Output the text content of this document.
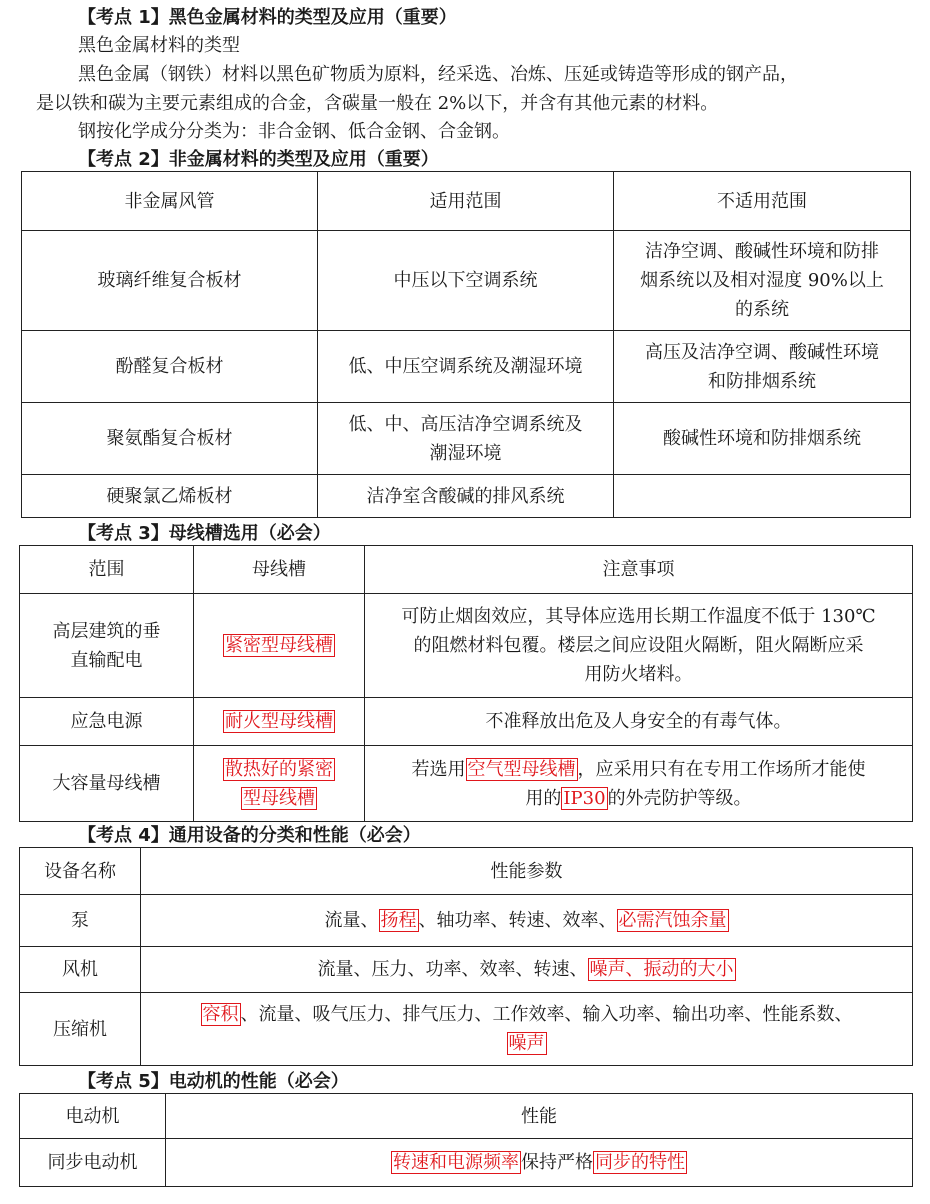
【考点 1】黑色金属材料的类型及应用（重要）
黑色金属材料的类型
黑色金属（钢铁）材料以黑色矿物质为原料，经采选、冶炼、压延或铸造等形成的钢产品，
是以铁和碳为主要元素组成的合金，含碳量一般在 2%以下，并含有其他元素的材料。
钢按化学成分分类为：非合金钢、低合金钢、合金钢。
【考点 2】非金属材料的类型及应用（重要）
非金属风管	适用范围	不适用范围
玻璃纤维复合板材	中压以下空调系统	洁净空调、酸碱性环境和防排
烟系统以及相对湿度 90%以上
的系统

酚醛复合板材	低、中压空调系统及潮湿环境	高压及洁净空调、酸碱性环境
和防排烟系统

聚氨酯复合板材	低、中、高压洁净空调系统及
潮湿环境	酸碱性环境和防排烟系统
硬聚氯乙烯板材	洁净室含酸碱的排风系统	
【考点 3】母线槽选用（必会）
范围	母线槽	注意事项

高层建筑的垂
直输配电	紧密型母线槽	可防止烟囱效应，其导体应选用长期工作温度不低于 130℃
的阻燃材料包覆。楼层之间应设阻火隔断，阻火隔断应采
用防火堵料。

应急电源	耐火型母线槽	不准释放出危及人身安全的有毒气体。
大容量母线槽	散热好的紧密
型母线槽	若选用 空气型母线槽 ，应采用只有在专用工作场所才能使
用的 IP30 的外壳防护等级。
【考点 4】通用设备的分类和性能（必会）
设备名称	性能参数
泵	流量、 扬程 、轴功率、转速、效率、 必需汽蚀余量
风机	流量、压力、功率、效率、转速、 噪声、振动的大小
压缩机	容积 、流量、吸气压力、排气压力、工作效率、输入功率、输出功率、性能系数、
噪声
【考点 5】电动机的性能（必会）
电动机	性能
同步电动机	转速和电源频率 保持严格 同步的特性
